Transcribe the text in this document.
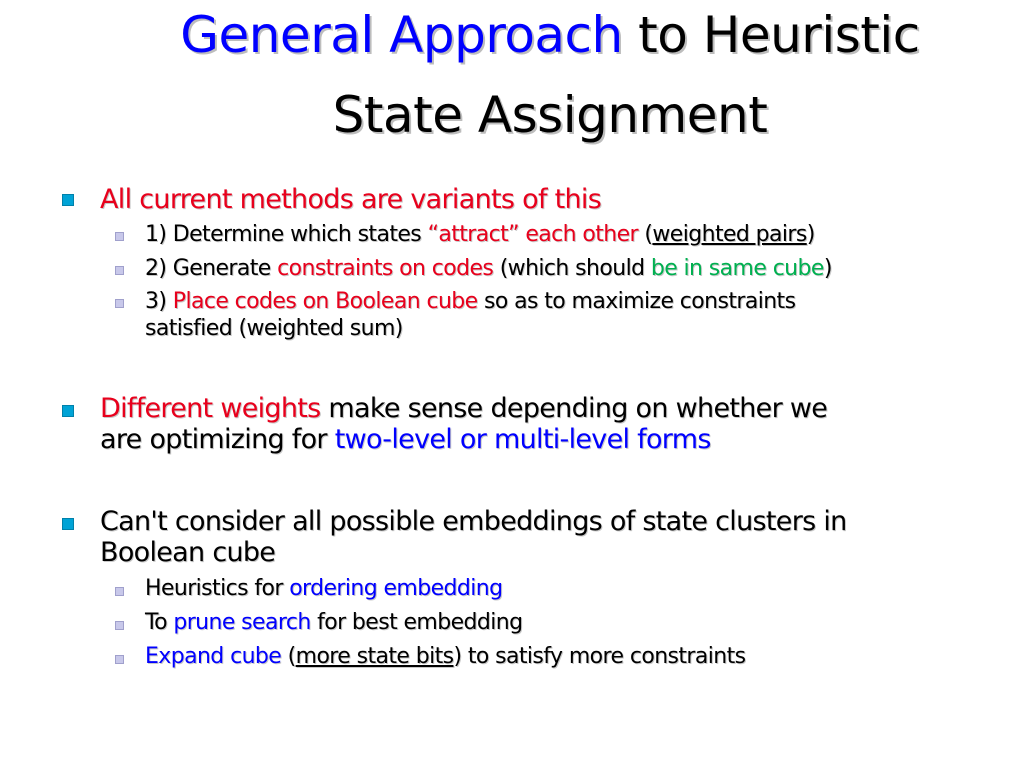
General Approach to Heuristic
State Assignment
All current methods are variants of this
1) Determine which states “attract” each other (weighted pairs)
2) Generate constraints on codes (which should be in same cube)
3) Place codes on Boolean cube so as to maximize constraints
satisfied (weighted sum)
Different weights make sense depending on whether we
are optimizing for two-level or multi-level forms
Can't consider all possible embeddings of state clusters in
Boolean cube
Heuristics for ordering embedding
To prune search for best embedding
Expand cube (more state bits) to satisfy more constraints
